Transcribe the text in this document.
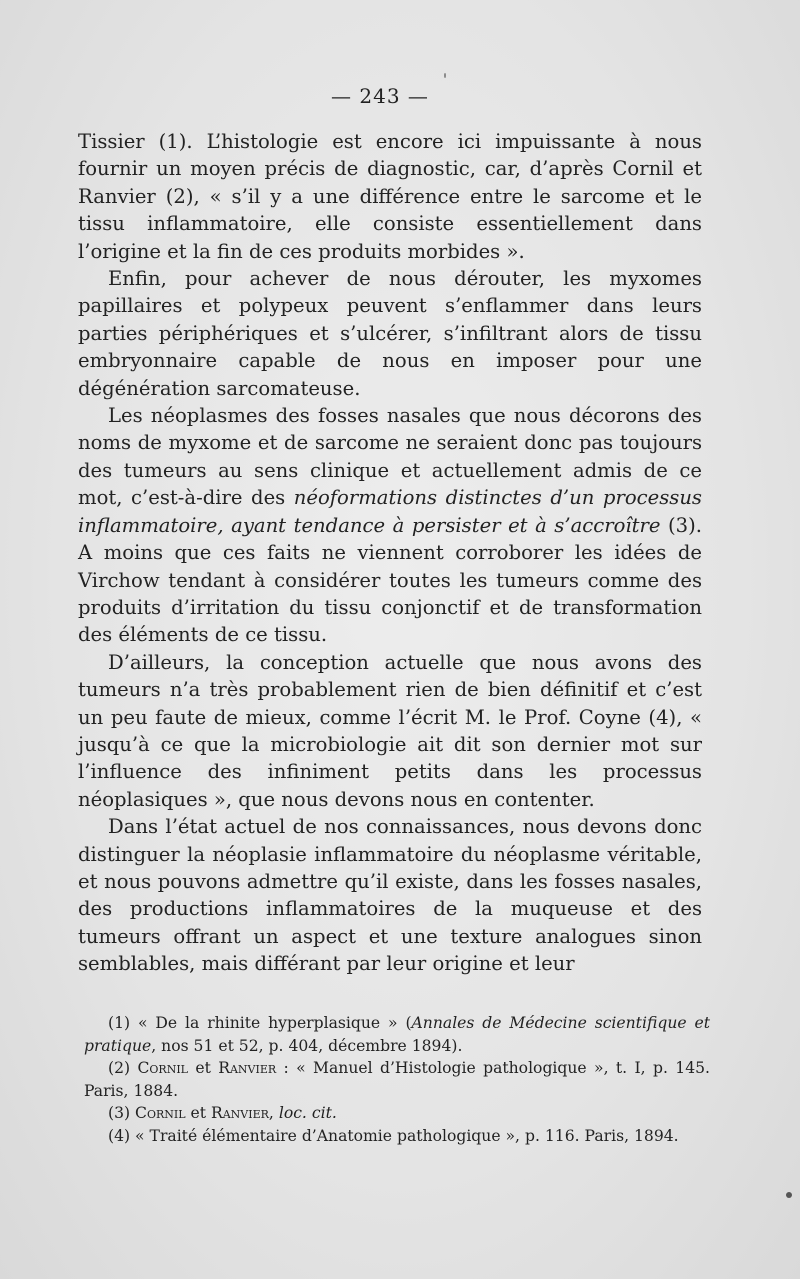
— 243 —

Tissier (1). L’histologie est encore ici impuissante à nous fournir un moyen précis de diagnostic, car, d’après Cornil et Ranvier (2), « s’il y a une différence entre le sarcome et le tissu inflammatoire, elle consiste essentiellement dans l’origine et la fin de ces produits morbides ».

Enfin, pour achever de nous dérouter, les myxomes papillaires et polypeux peuvent s’enflammer dans leurs parties périphériques et s’ulcérer, s’infiltrant alors de tissu embryonnaire capable de nous en imposer pour une dégénération sarcomateuse.

Les néoplasmes des fosses nasales que nous décorons des noms de myxome et de sarcome ne seraient donc pas toujours des tumeurs au sens clinique et actuellement admis de ce mot, c’est-à-dire des néoformations distinctes d’un processus inflammatoire, ayant tendance à persister et à s’accroître (3). A moins que ces faits ne viennent corroborer les idées de Virchow tendant à considérer toutes les tumeurs comme des produits d’irritation du tissu conjonctif et de transformation des éléments de ce tissu.

D’ailleurs, la conception actuelle que nous avons des tumeurs n’a très probablement rien de bien définitif et c’est un peu faute de mieux, comme l’écrit M. le Prof. Coyne (4), « jusqu’à ce que la microbiologie ait dit son dernier mot sur l’influence des infiniment petits dans les processus néoplasiques », que nous devons nous en contenter.

Dans l’état actuel de nos connaissances, nous devons donc distinguer la néoplasie inflammatoire du néoplasme véritable, et nous pouvons admettre qu’il existe, dans les fosses nasales, des productions inflammatoires de la muqueuse et des tumeurs offrant un aspect et une texture analogues sinon semblables, mais différant par leur origine et leur

(1) « De la rhinite hyperplasique » (Annales de Médecine scientifique et pratique, nos 51 et 52, p. 404, décembre 1894).

(2) Cornil et Ranvier : « Manuel d’Histologie pathologique », t. I, p. 145. Paris, 1884.

(3) Cornil et Ranvier, loc. cit.

(4) « Traité élémentaire d’Anatomie pathologique », p. 116. Paris, 1894.
